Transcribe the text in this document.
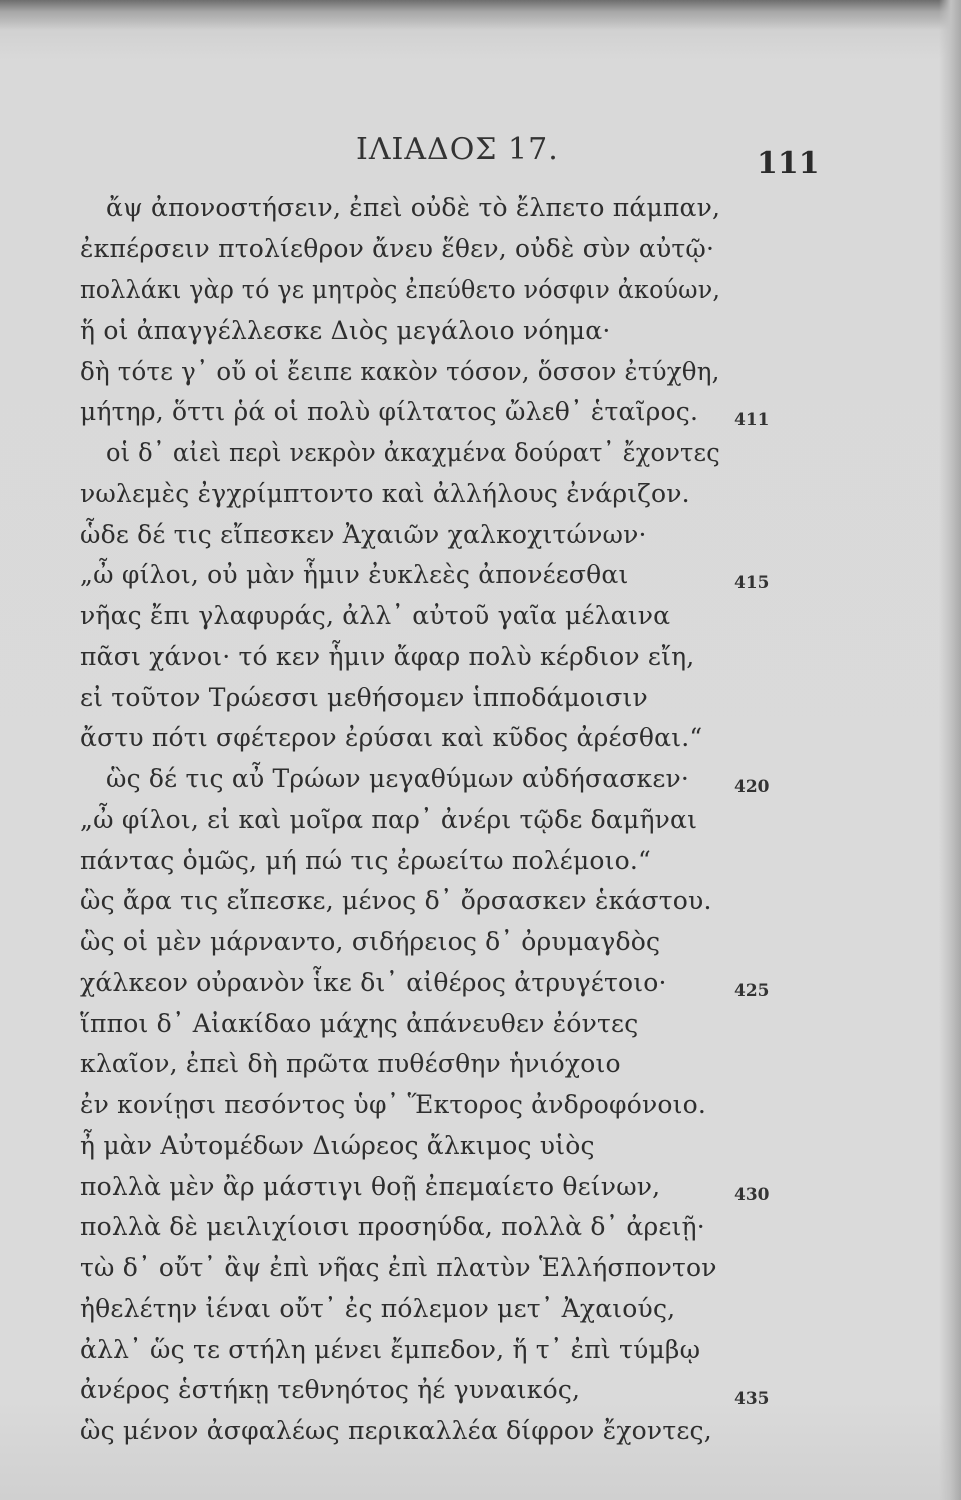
ΙΛΙΑΔΟΣ 17.	111
ἄψ ἀπονοστήσειν, ἐπεὶ οὐδὲ τὸ ἔλπετο πάμπαν,
ἐκπέρσειν πτολίεθρον ἄνευ ἕθεν, οὐδὲ σὺν αὐτῷ·
πολλάκι γὰρ τό γε μητρὸς ἐπεύθετο νόσφιν ἀκούων,
ἥ οἱ ἀπαγγέλλεσκε Διὸς μεγάλοιο νόημα·
δὴ τότε γ᾽ οὔ οἱ ἔειπε κακὸν τόσον, ὅσσον ἐτύχθη,
μήτηρ, ὅττι ῥά οἱ πολὺ φίλτατος ὤλεθ᾽ ἑταῖρος.
οἱ δ᾽ αἰεὶ περὶ νεκρὸν ἀκαχμένα δούρατ᾽ ἔχοντες
νωλεμὲς ἐγχρίμπτοντο καὶ ἀλλήλους ἐνάριζον.
ὧδε δέ τις εἴπεσκεν Ἀχαιῶν χαλκοχιτώνων·
„ὦ φίλοι, οὐ μὰν ἧμιν ἐυκλεὲς ἀπονέεσθαι
νῆας ἔπι γλαφυράς, ἀλλ᾽ αὐτοῦ γαῖα μέλαινα
πᾶσι χάνοι· τό κεν ἧμιν ἄφαρ πολὺ κέρδιον εἴη,
εἰ τοῦτον Τρώεσσι μεθήσομεν ἱπποδάμοισιν
ἄστυ πότι σφέτερον ἐρύσαι καὶ κῦδος ἀρέσθαι.“
ὣς δέ τις αὖ Τρώων μεγαθύμων αὐδήσασκεν·
„ὦ φίλοι, εἰ καὶ μοῖρα παρ᾽ ἀνέρι τῷδε δαμῆναι
πάντας ὁμῶς, μή πώ τις ἐρωείτω πολέμοιο.“
ὣς ἄρα τις εἴπεσκε, μένος δ᾽ ὄρσασκεν ἑκάστου.
ὣς οἱ μὲν μάρναντο, σιδήρειος δ᾽ ὀρυμαγδὸς
χάλκεον οὐρανὸν ἷκε δι᾽ αἰθέρος ἀτρυγέτοιο·
ἵπποι δ᾽ Αἰακίδαο μάχης ἀπάνευθεν ἐόντες
κλαῖον, ἐπεὶ δὴ πρῶτα πυθέσθην ἡνιόχοιο
ἐν κονίῃσι πεσόντος ὑφ᾽ Ἕκτορος ἀνδροφόνοιο.
ἦ μὰν Αὐτομέδων Διώρεος ἄλκιμος υἱὸς
πολλὰ μὲν ἂρ μάστιγι θοῇ ἐπεμαίετο θείνων,
πολλὰ δὲ μειλιχίοισι προσηύδα, πολλὰ δ᾽ ἀρειῇ·
τὼ δ᾽ οὔτ᾽ ἂψ ἐπὶ νῆας ἐπὶ πλατὺν Ἑλλήσποντον
ἠθελέτην ἰέναι οὔτ᾽ ἐς πόλεμον μετ᾽ Ἀχαιούς,
ἀλλ᾽ ὥς τε στήλη μένει ἔμπεδον, ἥ τ᾽ ἐπὶ τύμβῳ
ἀνέρος ἑστήκῃ τεθνηότος ἠέ γυναικός,
ὣς μένον ἀσφαλέως περικαλλέα δίφρον ἔχοντες,
411
415
420
425
430
435
